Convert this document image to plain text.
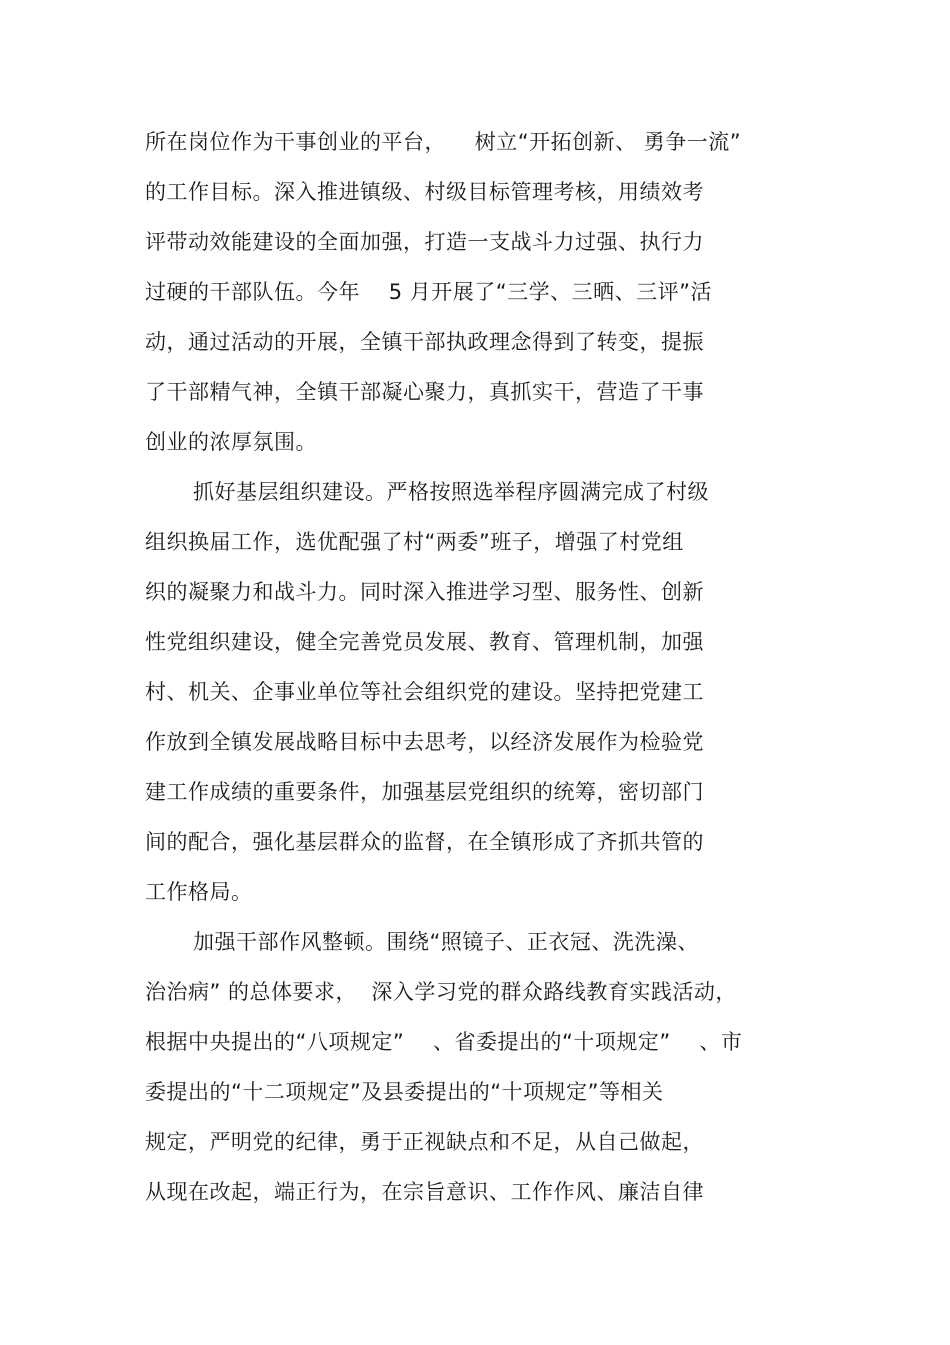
所在岗位作为干事创业的平台，    树立“开拓创新、 勇争一流”
的工作目标。深入推进镇级、村级目标管理考核，用绩效考
评带动效能建设的全面加强，打造一支战斗力过强、执行力
过硬的干部队伍。今年    5 月开展了“三学、三晒、三评”活
动，通过活动的开展，全镇干部执政理念得到了转变，提振
了干部精气神，全镇干部凝心聚力，真抓实干，营造了干事
创业的浓厚氛围。
抓好基层组织建设。严格按照选举程序圆满完成了村级
组织换届工作，选优配强了村“两委”班子，增强了村党组
织的凝聚力和战斗力。同时深入推进学习型、服务性、创新
性党组织建设，健全完善党员发展、教育、管理机制，加强
村、机关、企事业单位等社会组织党的建设。坚持把党建工
作放到全镇发展战略目标中去思考，以经济发展作为检验党
建工作成绩的重要条件，加强基层党组织的统筹，密切部门
间的配合，强化基层群众的监督，在全镇形成了齐抓共管的
工作格局。
加强干部作风整顿。围绕“照镜子、正衣冠、洗洗澡、
治治病” 的总体要求，  深入学习党的群众路线教育实践活动，
根据中央提出的“八项规定”    、省委提出的“十项规定”    、市
委提出的“十二项规定”及县委提出的“十项规定”等相关
规定，严明党的纪律，勇于正视缺点和不足，从自己做起，
从现在改起，端正行为，在宗旨意识、工作作风、廉洁自律
